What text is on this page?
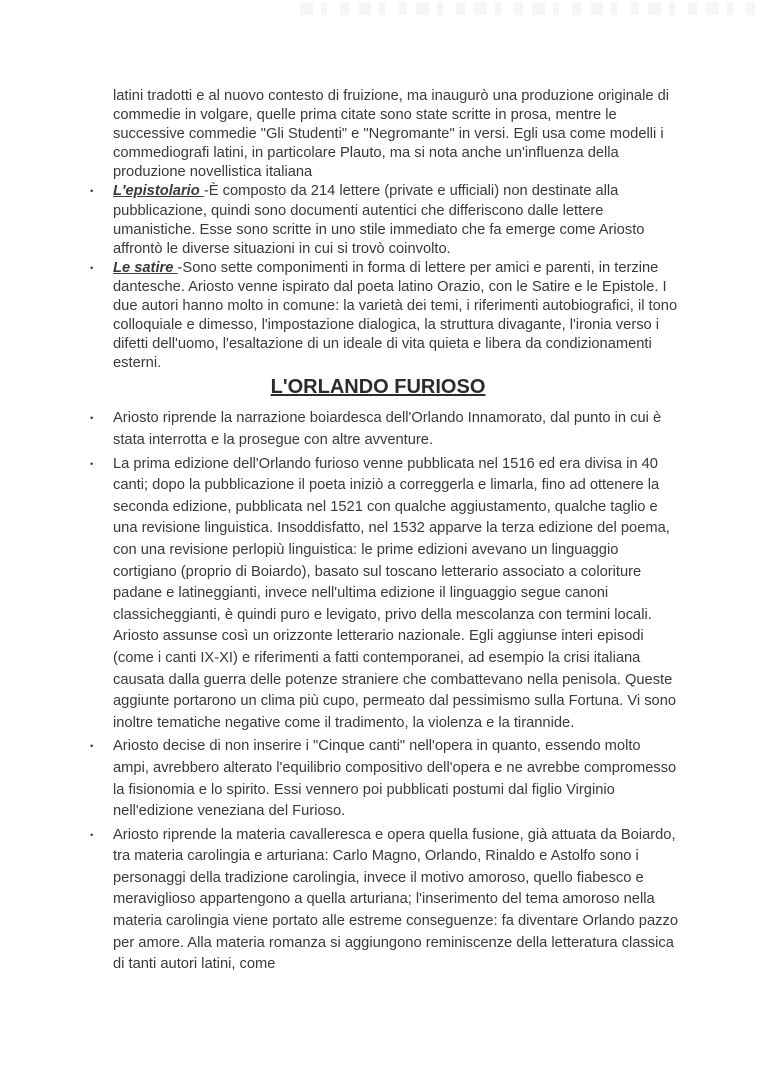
latini tradotti e al nuovo contesto di fruizione, ma inaugurò una produzione originale di commedie in volgare, quelle prima citate sono state scritte in prosa, mentre le successive commedie "Gli Studenti" e "Negromante" in versi. Egli usa come modelli i commediografi latini, in particolare Plauto, ma si nota anche un'influenza della produzione novellistica italiana

• L'epistolario -È composto da 214 lettere (private e ufficiali) non destinate alla pubblicazione, quindi sono documenti autentici che differiscono dalle lettere umanistiche. Esse sono scritte in uno stile immediato che fa emerge come Ariosto affrontò le diverse situazioni in cui si trovò coinvolto.

• Le satire -Sono sette componimenti in forma di lettere per amici e parenti, in terzine dantesche. Ariosto venne ispirato dal poeta latino Orazio, con le Satire e le Epistole. I due autori hanno molto in comune: la varietà dei temi, i riferimenti autobiografici, il tono colloquiale e dimesso, l'impostazione dialogica, la struttura divagante, l'ironia verso i difetti dell'uomo, l'esaltazione di un ideale di vita quieta e libera da condizionamenti esterni.

L'ORLANDO FURIOSO
• Ariosto riprende la narrazione boiardesca dell'Orlando Innamorato, dal punto in cui è stata interrotta e la prosegue con altre avventure.

• La prima edizione dell'Orlando furioso venne pubblicata nel 1516 ed era divisa in 40 canti; dopo la pubblicazione il poeta iniziò a correggerla e limarla, fino ad ottenere la seconda edizione, pubblicata nel 1521 con qualche aggiustamento, qualche taglio e una revisione linguistica. Insoddisfatto, nel 1532 apparve la terza edizione del poema, con una revisione perlopiù linguistica: le prime edizioni avevano un linguaggio cortigiano (proprio di Boiardo), basato sul toscano letterario associato a coloriture padane e latineggianti, invece nell'ultima edizione il linguaggio segue canoni classicheggianti, è quindi puro e levigato, privo della mescolanza con termini locali. Ariosto assunse così un orizzonte letterario nazionale. Egli aggiunse interi episodi (come i canti IX-XI) e riferimenti a fatti contemporanei, ad esempio la crisi italiana causata dalla guerra delle potenze straniere che combattevano nella penisola. Queste aggiunte portarono un clima più cupo, permeato dal pessimismo sulla Fortuna. Vi sono inoltre tematiche negative come il tradimento, la violenza e la tirannide.

• Ariosto decise di non inserire i "Cinque canti" nell'opera in quanto, essendo molto ampi, avrebbero alterato l'equilibrio compositivo dell'opera e ne avrebbe compromesso la fisionomia e lo spirito. Essi vennero poi pubblicati postumi dal figlio Virginio nell'edizione veneziana del Furioso.

• Ariosto riprende la materia cavalleresca e opera quella fusione, già attuata da Boiardo, tra materia carolingia e arturiana: Carlo Magno, Orlando, Rinaldo e Astolfo sono i personaggi della tradizione carolingia, invece il motivo amoroso, quello fiabesco e meraviglioso appartengono a quella arturiana; l'inserimento del tema amoroso nella materia carolingia viene portato alle estreme conseguenze: fa diventare Orlando pazzo per amore. Alla materia romanza si aggiungono reminiscenze della letteratura classica di tanti autori latini, come
